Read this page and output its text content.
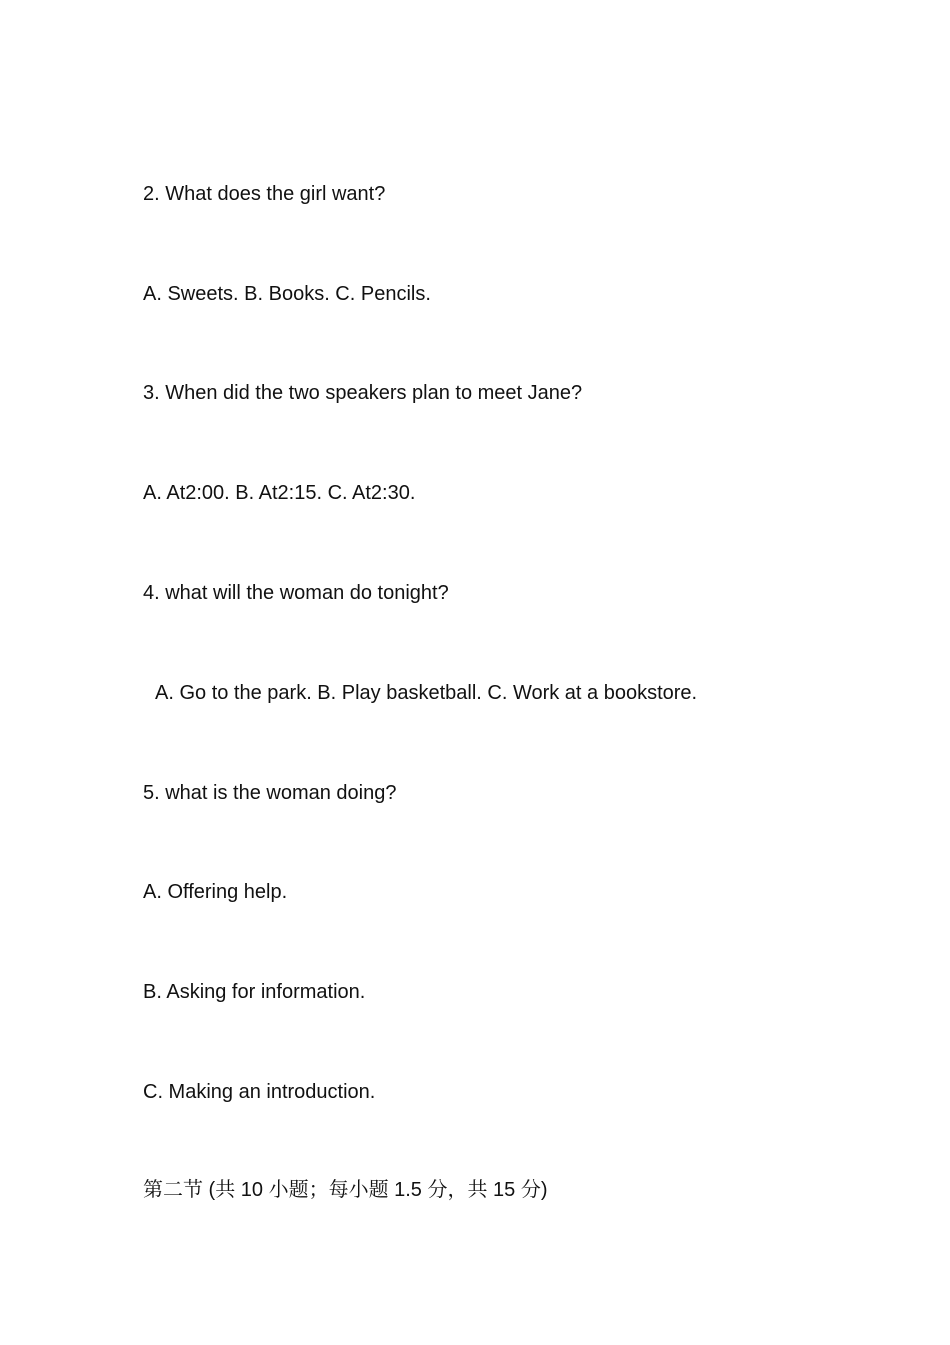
2. What does the girl want?
A. Sweets. B. Books. C. Pencils.
3. When did the two speakers plan to meet Jane?
A. At2:00. B. At2:15. C. At2:30.
4. what will the woman do tonight?
A. Go to the park. B. Play basketball. C. Work at a bookstore.
5. what is the woman doing?
A. Offering help.
B. Asking for information.
C. Making an introduction.
第二节 (共 10 小题；每小题 1.5 分，共 15 分)
